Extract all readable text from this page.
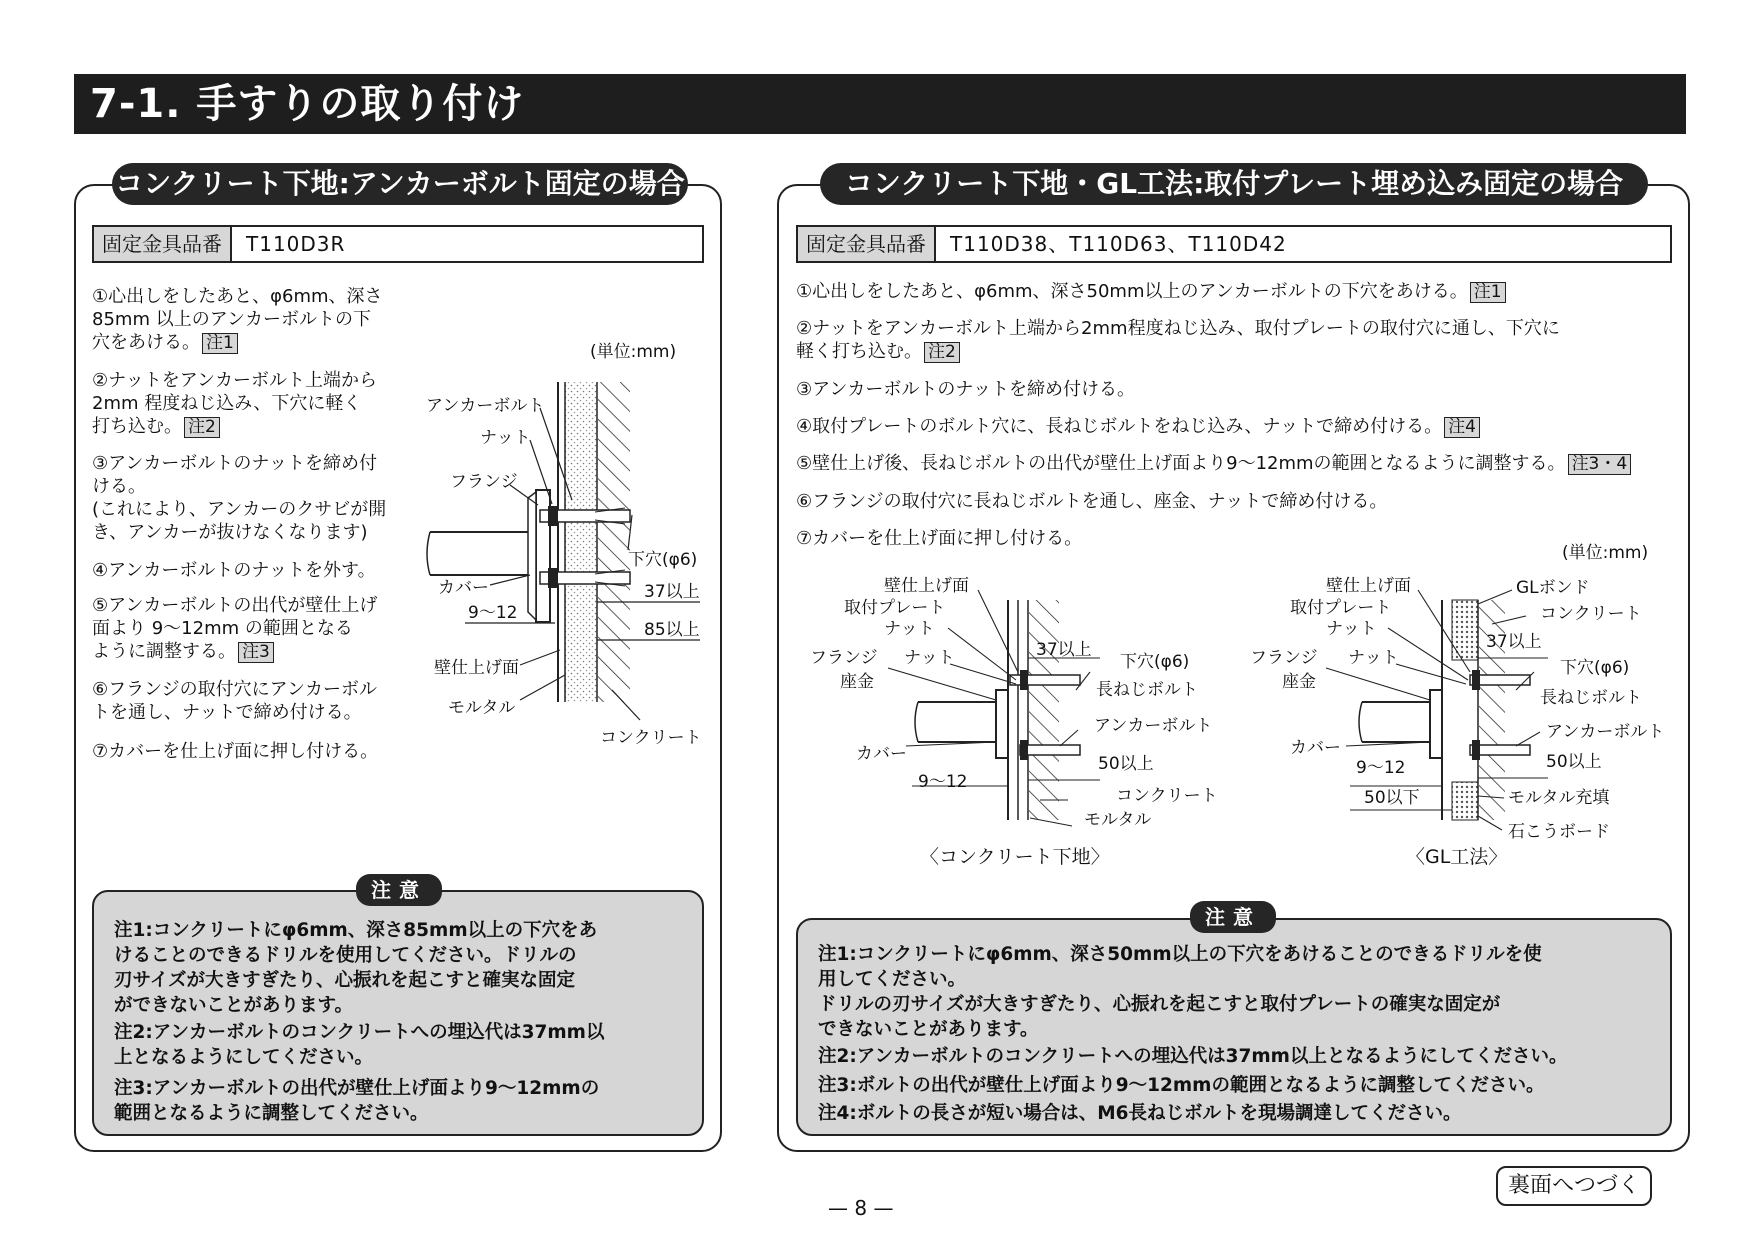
7-1. 手すりの取り付け
コンクリート下地:アンカーボルト固定の場合
固定金具品番	T110D3R
①心出しをしたあと、φ6mm、深さ
85mm 以上のアンカーボルトの下
穴をあける。 注1
②ナットをアンカーボルト上端から
2mm 程度ねじ込み、下穴に軽く
打ち込む。 注2
③アンカーボルトのナットを締め付
ける。
(これにより、アンカーのクサビが開
き、アンカーが抜けなくなります)
④アンカーボルトのナットを外す。
⑤アンカーボルトの出代が壁仕上げ
面より 9〜12mm の範囲となる
ように調整する。 注3
⑥フランジの取付穴にアンカーボル
トを通し、ナットで締め付ける。
⑦カバーを仕上げ面に押し付ける。
(単位:mm)
アンカーボルト
ナット
フランジ
カバー
9〜12
壁仕上げ面
モルタル
コンクリート
下穴(φ6)
37以上
85以上
注意
注1:コンクリートにφ6mm、深さ85mm以上の下穴をあ
けることのできるドリルを使用してください。ドリルの
刃サイズが大きすぎたり、心振れを起こすと確実な固定
ができないことがあります。
注2:アンカーボルトのコンクリートへの埋込代は37mm以
上となるようにしてください。
注3:アンカーボルトの出代が壁仕上げ面より9〜12mmの
範囲となるように調整してください。
コンクリート下地・GL工法:取付プレート埋め込み固定の場合
固定金具品番	T110D38、T110D63、T110D42
①心出しをしたあと、φ6mm、深さ50mm以上のアンカーボルトの下穴をあける。 注1
②ナットをアンカーボルト上端から2mm程度ねじ込み、取付プレートの取付穴に通し、下穴に
軽く打ち込む。 注2
③アンカーボルトのナットを締め付ける。
④取付プレートのボルト穴に、長ねじボルトをねじ込み、ナットで締め付ける。 注4
⑤壁仕上げ後、長ねじボルトの出代が壁仕上げ面より9〜12mmの範囲となるように調整する。 注3・4
⑥フランジの取付穴に長ねじボルトを通し、座金、ナットで締め付ける。
⑦カバーを仕上げ面に押し付ける。
(単位:mm)
壁仕上げ面
取付プレート
ナット
フランジ ナット
座金
カバー
9〜12
37以上
下穴(φ6)
長ねじボルト
アンカーボルト
50以上
コンクリート
モルタル
〈コンクリート下地〉
壁仕上げ面
取付プレート
ナット
GLボンド
コンクリート
フランジ ナット
座金
37以上
下穴(φ6)
長ねじボルト
カバー
アンカーボルト
9〜12	50以上
50以下	モルタル充填
石こうボード
〈GL工法〉
注意
注1:コンクリートにφ6mm、深さ50mm以上の下穴をあけることのできるドリルを使
用してください。
ドリルの刃サイズが大きすぎたり、心振れを起こすと取付プレートの確実な固定が
できないことがあります。
注2:アンカーボルトのコンクリートへの埋込代は37mm以上となるようにしてください。
注3:ボルトの出代が壁仕上げ面より9〜12mmの範囲となるように調整してください。
注4:ボルトの長さが短い場合は、M6長ねじボルトを現場調達してください。
— 8 —
裏面へつづく
